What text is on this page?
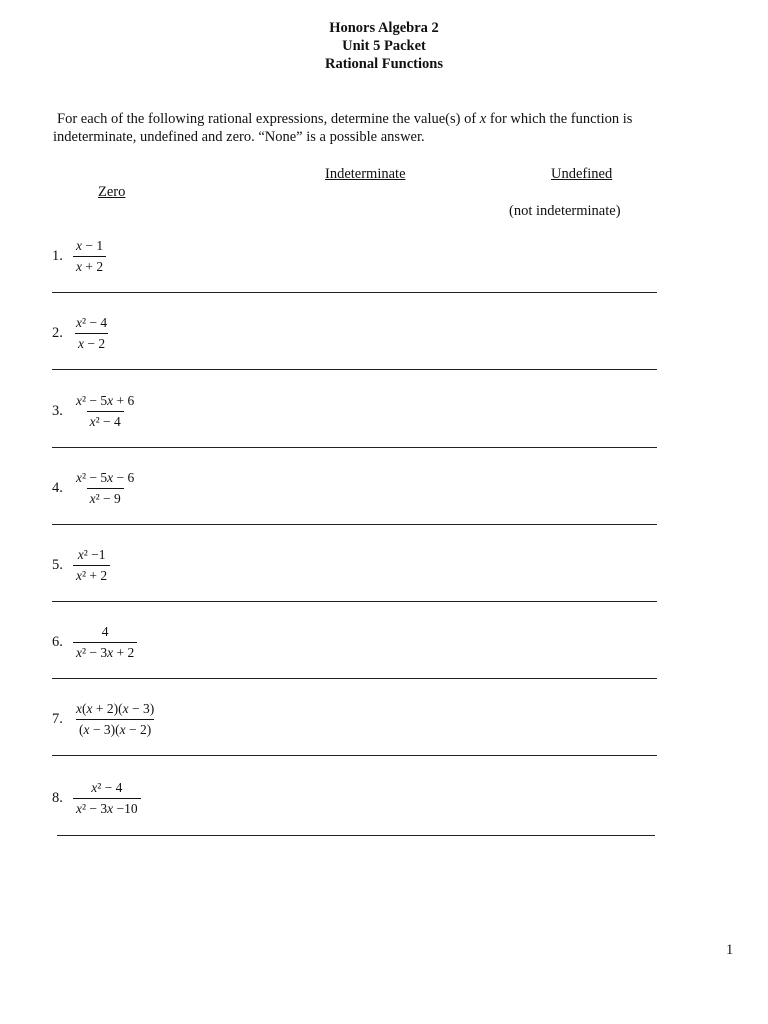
Honors Algebra 2
Unit 5 Packet
Rational Functions
For each of the following rational expressions, determine the value(s) of x for which the function is
indeterminate, undefined and zero. “None” is a possible answer.
Indeterminate	Undefined
Zero
(not indeterminate)
1. $\frac{x - 1}{x + 2}$
2. $\frac{\text{x² − 4}}{x - 2}$
3. $\frac{\text{x² − 5x + 6}}{\text{x² − 4}}$
4. $\frac{\text{x² − 5x − 6}}{\text{x² − 9}}$
5. $\frac{\text{x² −1}}{\text{x² + 2}}$
6. $\frac{4}{\text{x² − 3x + 2}}$
7. $\frac{x(x + 2)(x - 3)}{(x - 3)(x - 2)}$
8. $\frac{\text{x² − 4}}{\text{x² − 3x −10}}$
1
